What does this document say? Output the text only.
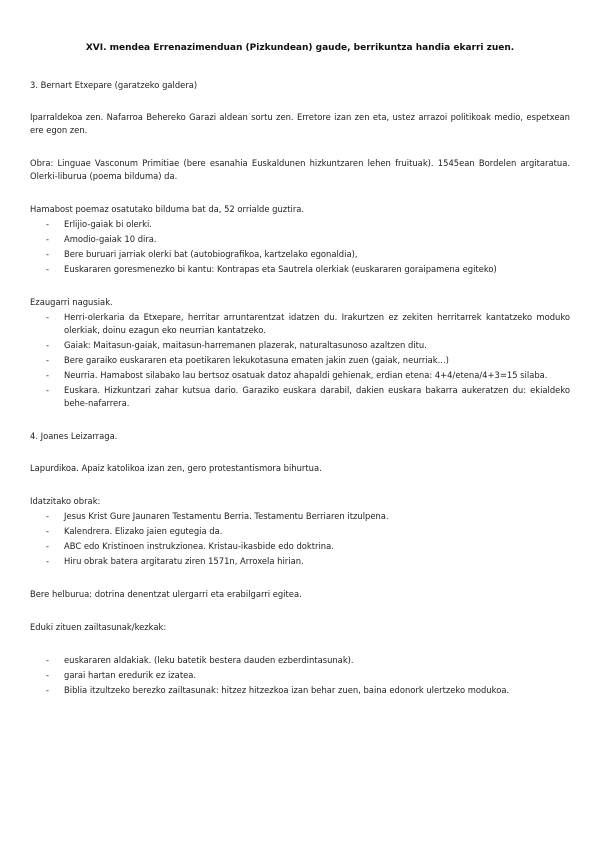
XVI. mendea Errenazimenduan (Pizkundean) gaude, berrikuntza handia ekarri zuen.

3. Bernart Etxepare (garatzeko galdera)

Iparraldekoa zen. Nafarroa Behereko Garazi aldean sortu zen. Erretore izan zen eta, ustez arrazoi politikoak medio, espetxean ere egon zen.

Obra: Linguae Vasconum Primitiae (bere esanahia Euskaldunen hizkuntzaren lehen fruituak). 1545ean Bordelen argitaratua. Olerki-liburua (poema bilduma) da.

Hamabost poemaz osatutako bilduma bat da, 52 orrialde guztira.

- Erlijio-gaiak bi olerki.
- Amodio-gaiak 10 dira.
- Bere buruari jarriak olerki bat (autobiografikoa, kartzelako egonaldia),
- Euskararen goresmenezko bi kantu: Kontrapas eta Sautrela olerkiak (euskararen goraipamena egiteko)

Ezaugarri nagusiak.

- Herri-olerkaria da Etxepare, herritar arruntarentzat idatzen du. Irakurtzen ez zekiten herritarrek kantatzeko moduko olerkiak, doinu ezagun eko neurrian kantatzeko.
- Gaiak: Maitasun-gaiak, maitasun-harremanen plazerak, naturaltasunoso azaltzen ditu.
- Bere garaiko euskararen eta poetikaren lekukotasuna ematen jakin zuen (gaiak, neurriak...)
- Neurria. Hamabost silabako lau bertsoz osatuak datoz ahapaldi gehienak, erdian etena: 4+4/etena/4+3=15 silaba.
- Euskara. Hizkuntzari zahar kutsua dario. Garaziko euskara darabil, dakien euskara bakarra aukeratzen du: ekialdeko behe-nafarrera.

4. Joanes Leizarraga.

Lapurdikoa. Apaiz katolikoa izan zen, gero protestantismora bihurtua.

Idatzitako obrak:

- Jesus Krist Gure Jaunaren Testamentu Berria. Testamentu Berriaren itzulpena.
- Kalendrera. Elizako jaien egutegia da.
- ABC edo Kristinoen instrukzionea. Kristau-ikasbide edo doktrina.
- Hiru obrak batera argitaratu ziren 1571n, Arroxela hirian.

Bere helburua: dotrina denentzat ulergarri eta erabilgarri egitea.

Eduki zituen zailtasunak/kezkak:

- euskararen aldakiak. (leku batetik bestera dauden ezberdintasunak).
- garai hartan eredurik ez izatea.
- Biblia itzultzeko berezko zailtasunak: hitzez hitzezkoa izan behar zuen, baina edonork ulertzeko modukoa.
